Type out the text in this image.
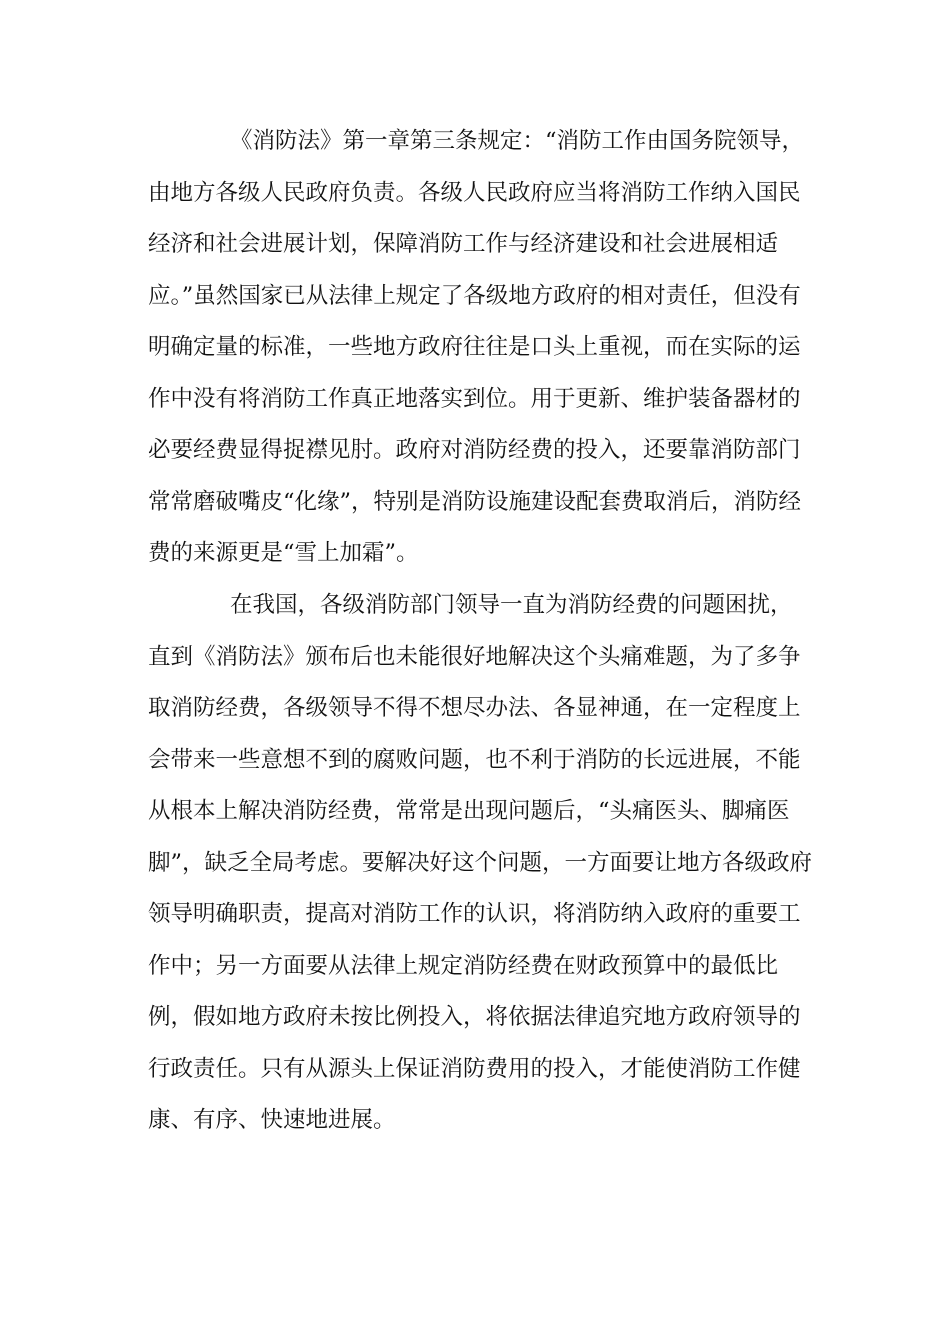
《消防法》第一章第三条规定：“消防工作由国务院领导，
由地方各级人民政府负责。各级人民政府应当将消防工作纳入国民
经济和社会进展计划，保障消防工作与经济建设和社会进展相适
应。”虽然国家已从法律上规定了各级地方政府的相对责任，但没有
明确定量的标准，一些地方政府往往是口头上重视，而在实际的运
作中没有将消防工作真正地落实到位。用于更新、维护装备器材的
必要经费显得捉襟见肘。政府对消防经费的投入，还要靠消防部门
常常磨破嘴皮“化缘”，特别是消防设施建设配套费取消后，消防经
费的来源更是“雪上加霜”。
在我国，各级消防部门领导一直为消防经费的问题困扰，
直到《消防法》颁布后也未能很好地解决这个头痛难题，为了多争
取消防经费，各级领导不得不想尽办法、各显神通，在一定程度上
会带来一些意想不到的腐败问题，也不利于消防的长远进展，不能
从根本上解决消防经费，常常是出现问题后，“头痛医头、脚痛医
脚”，缺乏全局考虑。要解决好这个问题，一方面要让地方各级政府
领导明确职责，提高对消防工作的认识，将消防纳入政府的重要工
作中；另一方面要从法律上规定消防经费在财政预算中的最低比
例，假如地方政府未按比例投入，将依据法律追究地方政府领导的
行政责任。只有从源头上保证消防费用的投入，才能使消防工作健
康、有序、快速地进展。
